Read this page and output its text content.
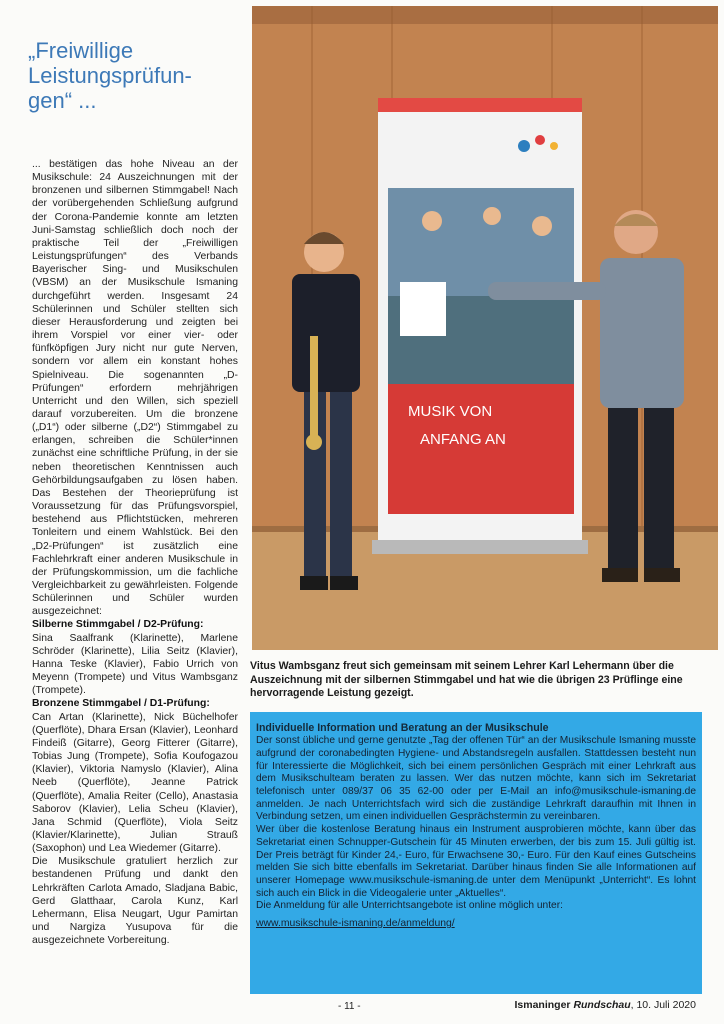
„Freiwillige
Leistungsprüfun-
gen“ ...

... bestätigen das hohe Niveau an der Musikschule: 24 Auszeichnungen mit der bronzenen und silbernen Stimmgabel! Nach der vorübergehenden Schließung aufgrund der Corona-Pandemie konnte am letzten Juni-Samstag schließlich doch noch der praktische Teil der „Freiwilligen Leistungsprüfungen“ des Verbands Bayerischer Sing- und Musikschulen (VBSM) an der Musikschule Ismaning durchgeführt werden. Insgesamt 24 Schülerinnen und Schüler stellten sich dieser Herausforderung und zeigten bei ihrem Vorspiel vor einer vier- oder fünfköpfigen Jury nicht nur gute Nerven, sondern vor allem ein konstant hohes Spielniveau. Die sogenannten „D-Prüfungen“ erfordern mehrjährigen Unterricht und den Willen, sich speziell darauf vorzubereiten. Um die bronzene („D1“) oder silberne („D2“) Stimmgabel zu erlangen, schreiben die Schüler*innen zunächst eine schriftliche Prüfung, in der sie neben theoretischen Kenntnissen auch Gehörbildungsaufgaben zu lösen haben. Das Bestehen der Theorieprüfung ist Voraussetzung für das Prüfungsvorspiel, bestehend aus Pflichtstücken, mehreren Tonleitern und einem Wahlstück. Bei den „D2-Prüfungen“ ist zusätzlich eine Fachlehrkraft einer anderen Musikschule in der Prüfungskommission, um die fachliche Vergleichbarkeit zu gewährleisten. Folgende Schülerinnen und Schüler wurden ausgezeichnet:

Silberne Stimmgabel / D2-Prüfung:

Sina Saalfrank (Klarinette), Marlene Schröder (Klarinette), Lilia Seitz (Klavier), Hanna Teske (Klavier), Fabio Urrich von Meyenn (Trompete) und Vitus Wambsganz (Trompete).

Bronzene Stimmgabel / D1-Prüfung:

Can Artan (Klarinette), Nick Büchelhofer (Querflöte), Dhara Ersan (Klavier), Leonhard Findeiß (Gitarre), Georg Fitterer (Gitarre), Tobias Jung (Trompete), Sofia Koufogazou (Klavier), Viktoria Namyslo (Klavier), Alina Neeb (Querflöte), Jeanne Patrick (Querflöte), Amalia Reiter (Cello), Anastasia Saborov (Klavier), Lelia Scheu (Klavier), Jana Schmid (Querflöte), Viola Seitz (Klavier/Klarinette), Julian Strauß (Saxophon) und Lea Wiedemer (Gitarre).

Die Musikschule gratuliert herzlich zur bestandenen Prüfung und dankt den Lehrkräften Carlota Amado, Sladjana Babic, Gerd Glatthaar, Carola Kunz, Karl Lehermann, Elisa Neugart, Ugur Pamirtan und Nargiza Yusupova für die ausgezeichnete Vorbereitung.

MUSIK VON
ANFANG AN

Vitus Wambsganz freut sich gemeinsam mit seinem Lehrer Karl Lehermann über die Auszeichnung mit der silbernen Stimmgabel und hat wie die übrigen 23 Prüflinge eine hervorragende Leistung gezeigt.

Individuelle Information und Beratung an der Musikschule

Der sonst übliche und gerne genutzte „Tag der offenen Tür“ an der Musikschule Ismaning musste aufgrund der coronabedingten Hygiene- und Abstandsregeln ausfallen. Stattdessen besteht nun für Interessierte die Möglichkeit, sich bei einem persönlichen Gespräch mit einer Lehrkraft aus dem Musikschulteam beraten zu lassen. Wer das nutzen möchte, kann sich im Sekretariat telefonisch unter 089/37 06 35 62-00 oder per E-Mail an info@musikschule-ismaning.de anmelden. Je nach Unterrichtsfach wird sich die zuständige Lehrkraft daraufhin mit Ihnen in Verbindung setzen, um einen individuellen Gesprächstermin zu vereinbaren.

Wer über die kostenlose Beratung hinaus ein Instrument ausprobieren möchte, kann über das Sekretariat einen Schnupper-Gutschein für 45 Minuten erwerben, der bis zum 15. Juli gültig ist. Der Preis beträgt für Kinder 24,- Euro, für Erwachsene 30,- Euro. Für den Kauf eines Gutscheins melden Sie sich bitte ebenfalls im Sekretariat. Darüber hinaus finden Sie alle Informationen auf unserer Homepage www.musikschule-ismaning.de unter dem Menüpunkt „Unterricht“. Es lohnt sich auch ein Blick in die Videogalerie unter „Aktuelles“.

Die Anmeldung für alle Unterrichtsangebote ist online möglich unter:

www.musikschule-ismaning.de/anmeldung/
- 11 -	Ismaninger Rundschau, 10. Juli 2020
